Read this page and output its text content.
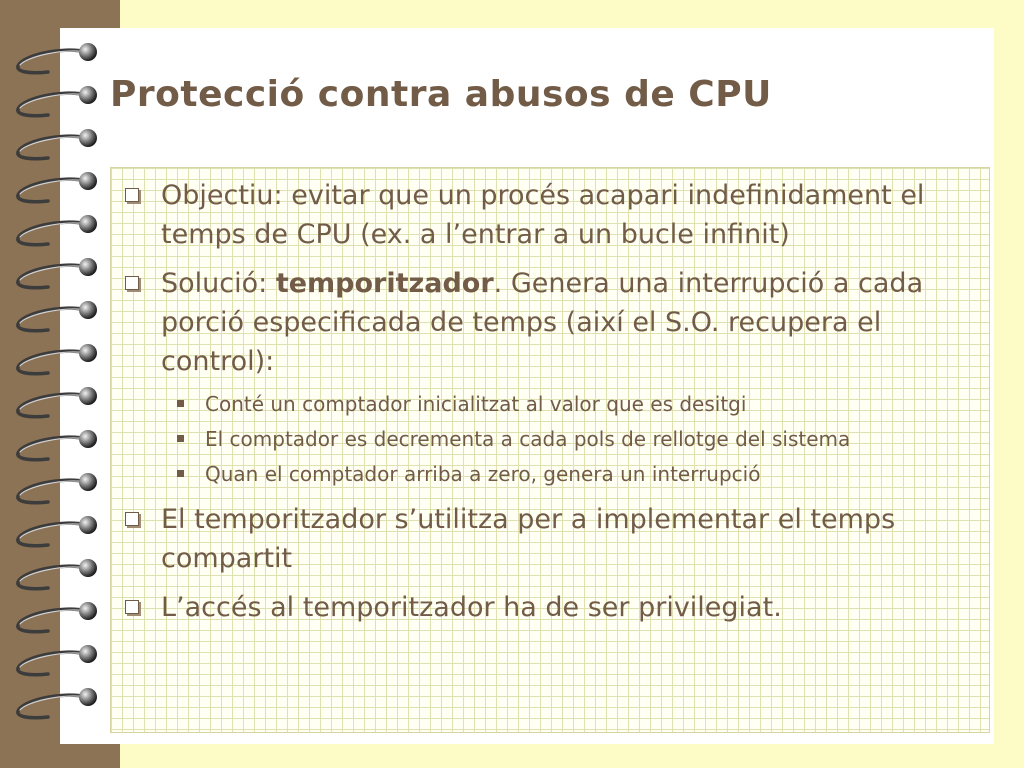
Protecció contra abusos de CPU
Objectiu: evitar que un procés acapari indefinidament el temps de CPU (ex. a l’entrar a un bucle infinit)
Solució: temporitzador. Genera una interrupció a cada porció especificada de temps (així el S.O. recupera el control):
Conté un comptador inicialitzat al valor que es desitgi
El comptador es decrementa a cada pols de rellotge del sistema
Quan el comptador arriba a zero, genera un interrupció
El temporitzador s’utilitza per a implementar el temps compartit
L’accés al temporitzador ha de ser privilegiat.
